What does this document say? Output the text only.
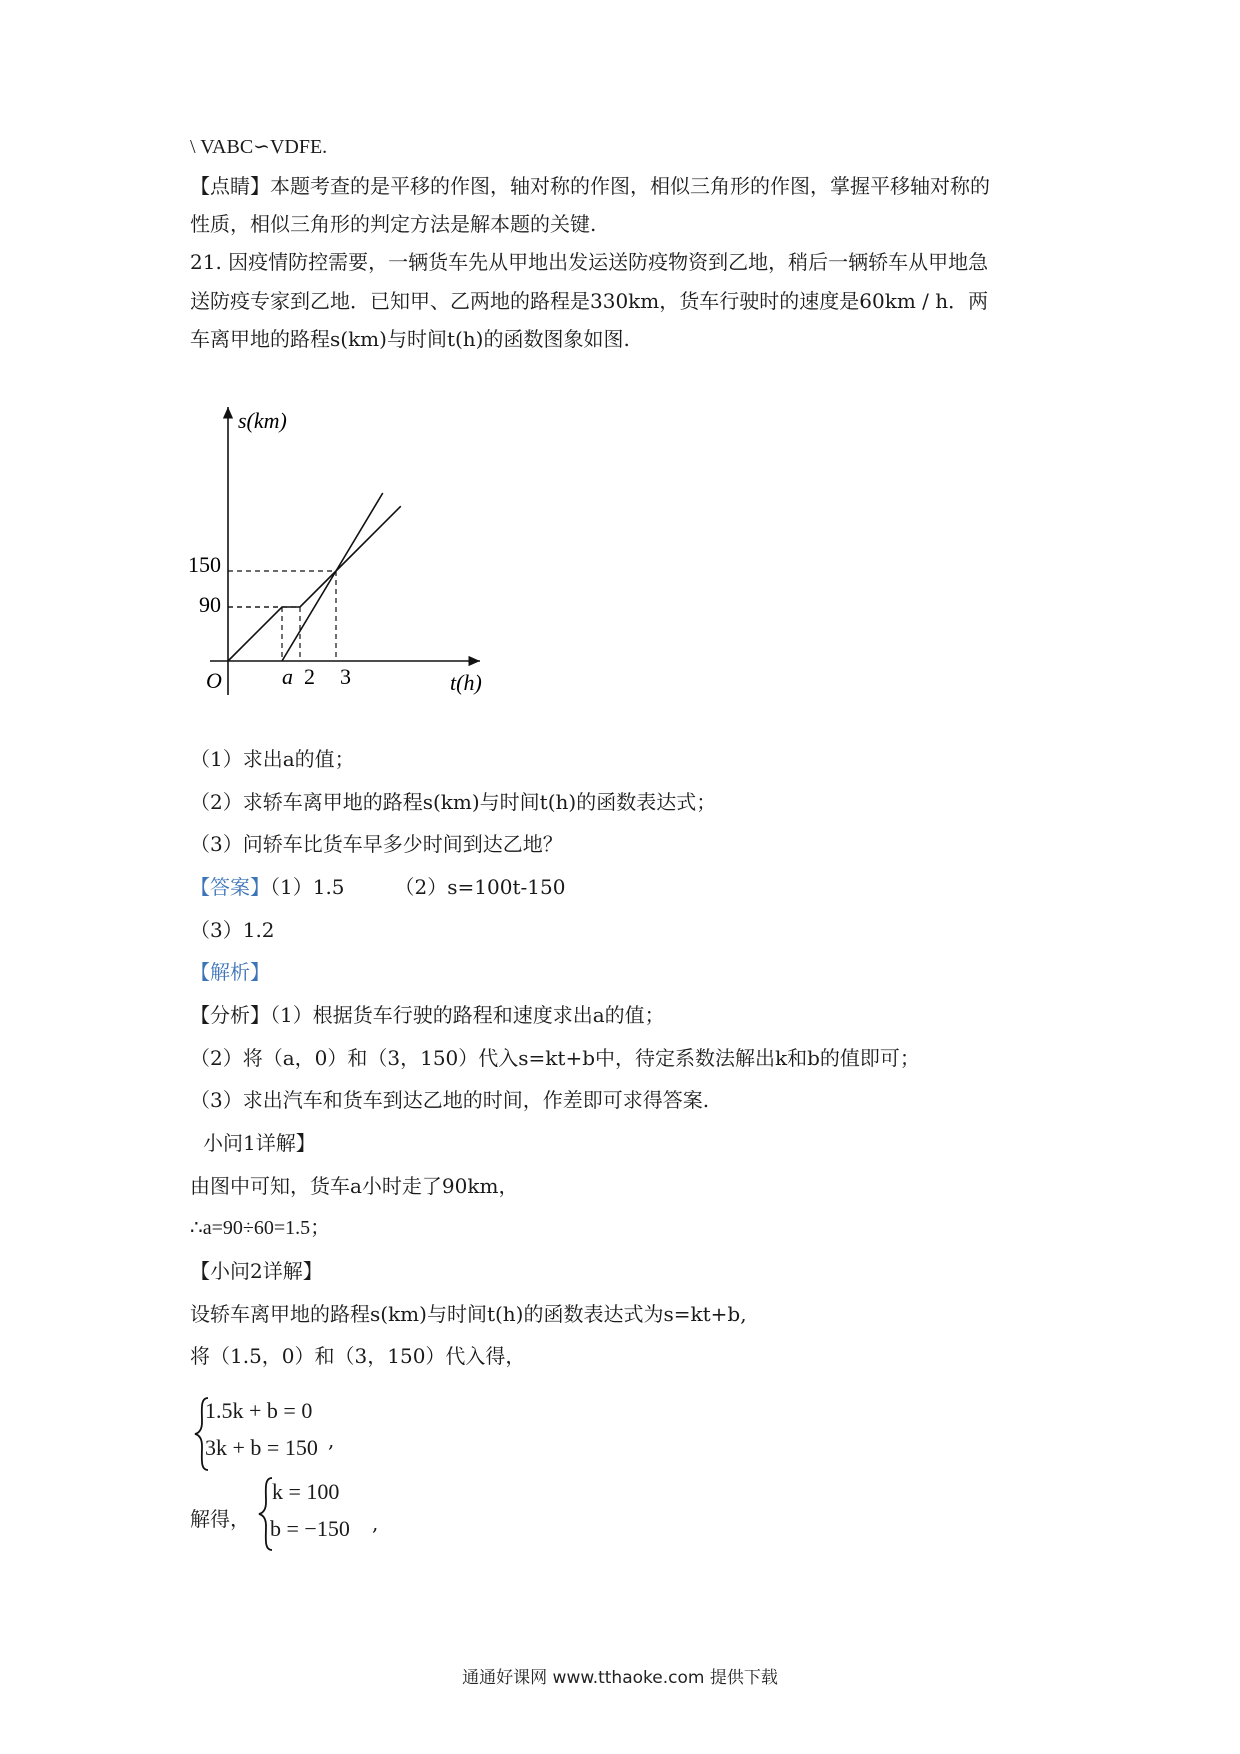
\ VABC∽VDFE.
【点睛】本题考查的是平移的作图，轴对称的作图，相似三角形的作图，掌握平移轴对称的
性质，相似三角形的判定方法是解本题的关键.
21. 因疫情防控需要，一辆货车先从甲地出发运送防疫物资到乙地，稍后一辆轿车从甲地急
送防疫专家到乙地．已知甲、乙两地的路程是330km，货车行驶时的速度是60km / h．两
车离甲地的路程s(km)与时间t(h)的函数图象如图.
s(km)
t(h)
O
150
90
a 2 3
（1）求出a的值；
（2）求轿车离甲地的路程s(km)与时间t(h)的函数表达式；
（3）问轿车比货车早多少时间到达乙地？
【答案】（1）1.5	（2）s=100t-150
（3）1.2
【解析】
【分析】（1）根据货车行驶的路程和速度求出a的值；
（2）将（a，0）和（3，150）代入s=kt+b中，待定系数法解出k和b的值即可；
（3）求出汽车和货车到达乙地的时间，作差即可求得答案.
小问1详解】
由图中可知，货车a小时走了90km，
∴a=90÷60=1.5；
【小问2详解】
设轿车离甲地的路程s(km)与时间t(h)的函数表达式为s=kt+b,
将（1.5，0）和（3，150）代入得，
1.5k + b = 0
3k + b = 150 ,
解得，
k = 100
b = −150 ,
通通好课网 www.tthaoke.com 提供下载
